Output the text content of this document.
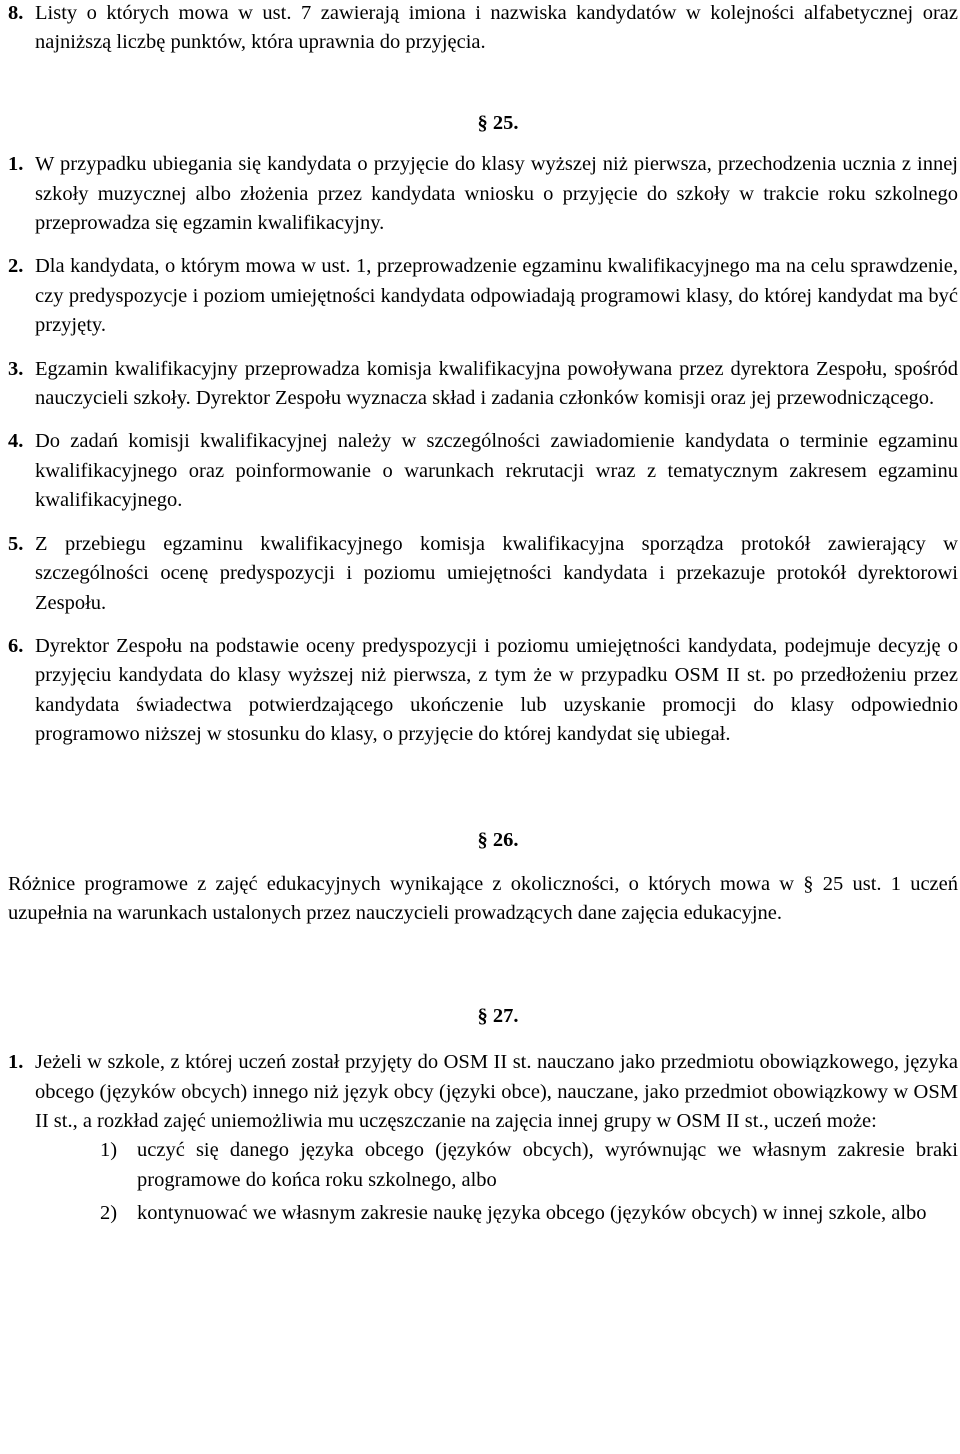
8. Listy o których mowa w ust. 7 zawierają imiona i nazwiska kandydatów w kolejności alfabetycznej oraz najniższą liczbę punktów, która uprawnia do przyjęcia.

§ 25.

1. W przypadku ubiegania się kandydata o przyjęcie do klasy wyższej niż pierwsza, przechodzenia ucznia z innej szkoły muzycznej albo złożenia przez kandydata wniosku o przyjęcie do szkoły w trakcie roku szkolnego przeprowadza się egzamin kwalifikacyjny.

2. Dla kandydata, o którym mowa w ust. 1, przeprowadzenie egzaminu kwalifikacyjnego ma na celu sprawdzenie, czy predyspozycje i poziom umiejętności kandydata odpowiadają programowi klasy, do której kandydat ma być przyjęty.

3. Egzamin kwalifikacyjny przeprowadza komisja kwalifikacyjna powoływana przez dyrektora Zespołu, spośród nauczycieli szkoły. Dyrektor Zespołu wyznacza skład i zadania członków komisji oraz jej przewodniczącego.

4. Do zadań komisji kwalifikacyjnej należy w szczególności zawiadomienie kandydata o terminie egzaminu kwalifikacyjnego oraz poinformowanie o warunkach rekrutacji wraz z tematycznym zakresem egzaminu kwalifikacyjnego.

5. Z przebiegu egzaminu kwalifikacyjnego komisja kwalifikacyjna sporządza protokół zawierający w szczególności ocenę predyspozycji i poziomu umiejętności kandydata i przekazuje protokół dyrektorowi Zespołu.

6. Dyrektor Zespołu na podstawie oceny predyspozycji i poziomu umiejętności kandydata, podejmuje decyzję o przyjęciu kandydata do klasy wyższej niż pierwsza, z tym że w przypadku OSM II st. po przedłożeniu przez kandydata świadectwa potwierdzającego ukończenie lub uzyskanie promocji do klasy odpowiednio programowo niższej w stosunku do klasy, o przyjęcie do której kandydat się ubiegał.

§ 26.

Różnice programowe z zajęć edukacyjnych wynikające z okoliczności, o których mowa w § 25 ust. 1 uczeń uzupełnia na warunkach ustalonych przez nauczycieli prowadzących dane zajęcia edukacyjne.

§ 27.

1. Jeżeli w szkole, z której uczeń został przyjęty do OSM II st. nauczano jako przedmiotu obowiązkowego, języka obcego (języków obcych) innego niż język obcy (języki obce), nauczane, jako przedmiot obowiązkowy w OSM II st., a rozkład zajęć uniemożliwia mu uczęszczanie na zajęcia innej grupy w OSM II st., uczeń może:

1) uczyć się danego języka obcego (języków obcych), wyrównując we własnym zakresie braki programowe do końca roku szkolnego, albo

2) kontynuować we własnym zakresie naukę języka obcego (języków obcych) w innej szkole, albo
